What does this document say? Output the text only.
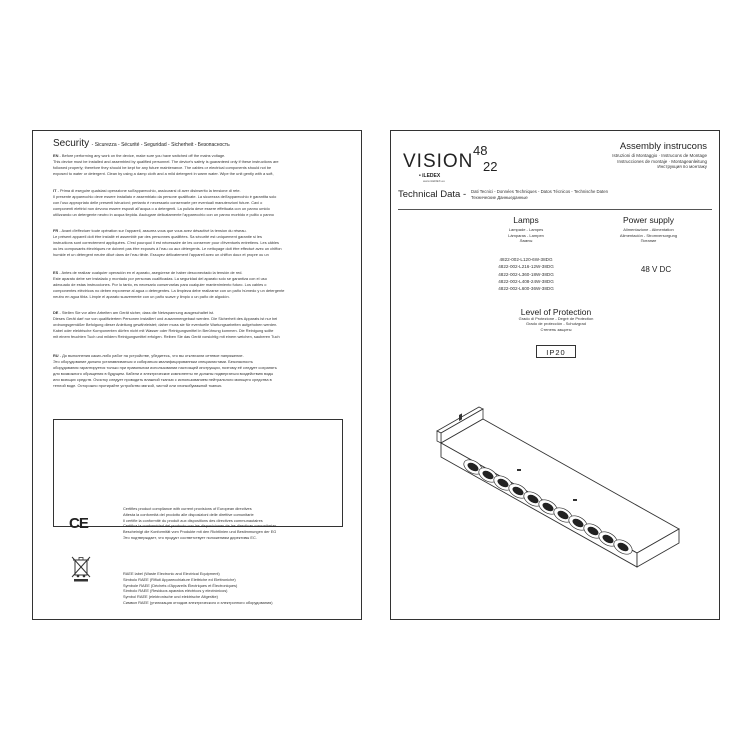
Security - Sicurezza - Sécurité - Seguridad - Sicherheit - Безопасность
EN - Before performing any work on the device, make sure you have switched off the mains voltage.
This device must be installed and assembled by qualified personnel. The device's safety is guaranteed only if these instructions are
followed properly; therefore they should be kept for any future maintenance. The cables or electrical components should not be
exposed to water or detergent. Clean by using a damp cloth and a mild detergent in warm water. Wipe the unit gently with a soft,
IT - Prima di eseguire qualsiasi operazione sull'apparecchio, assicurarsi di aver disinserito la tensione di rete.
Il presente apparecchio deve essere installato e assemblato da persone qualificate. La sicurezza dell'apparecchio è garantita solo
con l'uso appropriato delle presenti istruzioni; pertanto è necessario conservarle per eventuali manutenzioni future. Cavi o
componenti elettrici non devono essere esposti all'acqua o a detergenti. La pulizia deve essere effettuata con un panno umido
utilizzando un detergente neutro in acqua tiepida. Asciugare delicatamente l'apparecchio con un panno morbido e pulito o panno
FR - Avant d'effectuer toute opération sur l'appareil, assurez-vous que vous avez désactivé la tension du réseau.
Le présent appareil doit être installé et assemblé par des personnes qualifiées. Sa sécurité est uniquement garantie si les
instructions sont correctement appliquées. C'est pourquoi il est nécessaire de les conserver pour d'éventuels entretiens. Les câbles
ou les composants électriques ne doivent pas être exposés à l'eau ou aux détergents. Le nettoyage doit être effectué avec un chiffon
humide et un détergent neutre dilué dans de l'eau tiède. Essuyez délicatement l'appareil avec un chiffon doux et propre ou un
ES - Antes de realizar cualquier operación en el aparato, asegúrese de haber desconectado la tensión de red.
Este aparato debe ser instalado y montado por personas cualificadas. La seguridad del aparato solo se garantiza con el uso
adecuado de estas instrucciones. Por lo tanto, es necesario conservarlas para cualquier mantenimiento futuro. Los cables o
componentes eléctricos no deben exponerse al agua o detergentes. La limpieza debe realizarse con un paño húmedo y un detergente
neutro en agua tibia. Limpie el aparato suavemente con un paño suave y limpio o un paño de algodón.
DE - Stellen Sie vor allen Arbeiten am Gerät sicher, dass die Netzspannung ausgeschaltet ist.
Dieses Gerät darf nur von qualifiziertem Personen installiert und zusammengebaut werden. Die Sicherheit des Apparats ist nur bei
ordnungsgemäßer Befolgung dieser Anleitung gewährleistet; daher muss sie für eventuelle Wartungsarbeiten aufgehoben werden.
Kabel oder elektrische Komponenten dürfen nicht mit Wasser oder Reinigungsmittel in Berührung kommen. Die Reinigung sollte
mit einem feuchten Tuch und mildem Reinigungsmittel erfolgen. Reiben Sie das Gerät vorsichtig mit einem weichen, sauberen Tuch
RU - До выполнения каких-либо работ на устройстве, убедитесь, что вы отключили сетевое напряжение.
Это оборудование должно устанавливаться и собираться квалифицированным специалистами. Безопасность
оборудования гарантируется только при правильном использовании настоящей инструкции, поэтому её следует сохранять
для возможного обращения в будущем. Кабели и электрические компоненты не должны подвергаться воздействию воды
или моющих средств. Очистку следует проводить влажной тканью с использованием нейтрального моющего средства в
теплой воде. Осторожно протирайте устройство мягкой, чистой или хлопкобумажной тканью.
CE
Certifies product compliance with current provisions of European directives
Attesta la conformità del prodotto alle disposizioni delle direttive comunitarie
Il certifie la conformité du produit aux dispositions des directives communautaires
Certifica la conformidad del producto con las disposiciones de las directivas comunitarias
Bescheinigt die Konformität vom Produkte mit den Richtlinien und Bestimmungen der EG
Это подтверждает, что продукт соответствует положениям директивы ЕС.
RAEE label (Waste Electronic and Electrical Equipment)
Simbolo RAEE (Rifiuti Apparecchiature Elettriche ed Elettroniche)
Symbole RAEE (Déchets d'Appareils Électriques et Électroniques)
Símbolo RAEE (Residuos aparatos eléctricos y electrónicos)
Symbol RAEE (elektronische und elektrische Altgeräte)
Символ RAEE (утилизация отходов электрического и электронного оборудования)
VISION
48
22
• iLEDEX
www.iLEDEX.eu
Assembly instrucons
Istruzioni di Montaggio · Instrucons de Montage
Instrucciones de montaje · Montageanleitung
Инструкция по монтажу
Technical Data - Dati Tecnici - Données Techniques - Datos Técnicos - Technische Daten
Технические Данныеданные
Lamps
Lampade - Lampes
Lámparas - Lampen
Лампы
4822-002-L120-6W-38DG
4822-002-L216-12W-38DG
4822-002-L360-18W-38DG
4822-002-L408-24W-38DG
4822-002-L600-36W-38DG
Power supply
Alimentazione - Alimentation
Alimentación - Stromversorgung
Питание
48 V DC
Level of Protection
Grado di Protezione - Degré de Protection
Grado de protección - Schutzgrad
Степень защиты
IP20
